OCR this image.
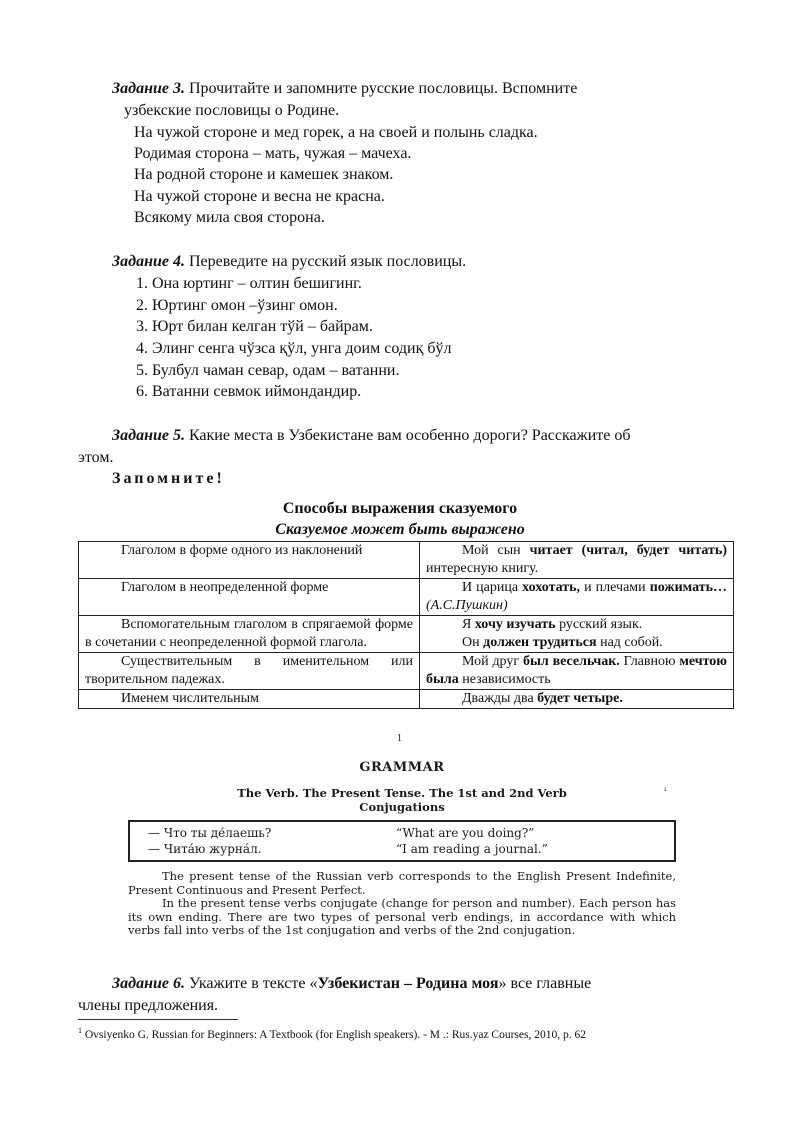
Задание 3. Прочитайте и запомните русские пословицы. Вспомните
узбекские пословицы о Родине.
На чужой стороне и мед горек, а на своей и полынь сладка.
Родимая сторона – мать, чужая – мачеха.
На родной стороне и камешек знаком.
На чужой стороне и весна не красна.
Всякому мила своя сторона.
Задание 4. Переведите на русский язык пословицы.
1. Она юртинг – олтин бешигинг.
2. Юртинг омон –ўзинг омон.
3. Юрт билан келган тўй – байрам.
4. Элинг сенга чўзса қўл, унга доим содиқ бўл
5. Булбул чаман севар, одам – ватанни.
6. Ватанни севмок иймондандир.
Задание 5. Какие места в Узбекистане вам особенно дороги? Расскажите об
этом.
Запомните!
Способы выражения сказуемого
Сказуемое может быть выражено
Глаголом в форме одного из наклонений	Мой сын читает (читал, будет читать) интересную книгу.
Глаголом в неопределенной форме	И царица хохотать, и плечами пожимать… (А.С.Пушкин)
Вспомогательным глаголом в спрягаемой форме в сочетании с неопределенной формой глагола.	Я хочу изучать русский язык.
Он должен трудиться над собой.

Существительным в именительном или творительном падежах.	Мой друг был весельчак. Главною мечтою была независимость
Именем числительным	Дважды два будет четыре.
1
GRAMMAR
The Verb. The Present Tense. The 1st and 2nd Verb
Conjugations
— Что ты де́лаешь?	“What are you doing?”
— Чита́ю журна́л.	“I am reading a journal.”

The present tense of the Russian verb corresponds to the English Present Indefinite, Present Continuous and Present Perfect.

In the present tense verbs conjugate (change for person and number). Each person has its own ending. There are two types of personal verb endings, in accordance with which verbs fall into verbs of the 1st conjugation and verbs of the 2nd conjugation.

¹
Задание 6. Укажите в тексте «Узбекистан – Родина моя» все главные
члены предложения.
$^1$ Ovsiyenko G. Russian for Beginners: A Textbook (for English speakers). - M .: Rus.yaz Courses, 2010, p. 62
